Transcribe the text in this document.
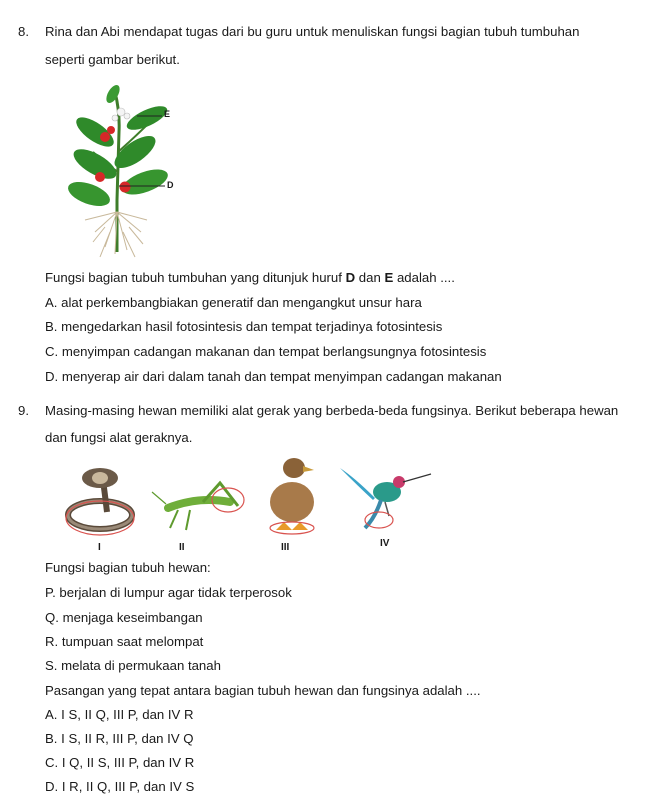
8. Rina dan Abi mendapat tugas dari bu guru untuk menuliskan fungsi bagian tubuh tumbuhan
seperti gambar berikut.
E
D
Fungsi bagian tubuh tumbuhan yang ditunjuk huruf D dan E adalah ....
A. alat perkembangbiakan generatif dan mengangkut unsur hara
B. mengedarkan hasil fotosintesis dan tempat terjadinya fotosintesis
C. menyimpan cadangan makanan dan tempat berlangsungnya fotosintesis
D. menyerap air dari dalam tanah dan tempat menyimpan cadangan makanan
9. Masing-masing hewan memiliki alat gerak yang berbeda-beda fungsinya. Berikut beberapa hewan
dan fungsi alat geraknya.
I	II	III	IV
Fungsi bagian tubuh hewan:
P. berjalan di lumpur agar tidak terperosok
Q. menjaga keseimbangan
R. tumpuan saat melompat
S. melata di permukaan tanah
Pasangan yang tepat antara bagian tubuh hewan dan fungsinya adalah ....
A. I S, II Q, III P, dan IV R
B. I S, II R, III P, dan IV Q
C. I Q, II S, III P, dan IV R
D. I R, II Q, III P, dan IV S
